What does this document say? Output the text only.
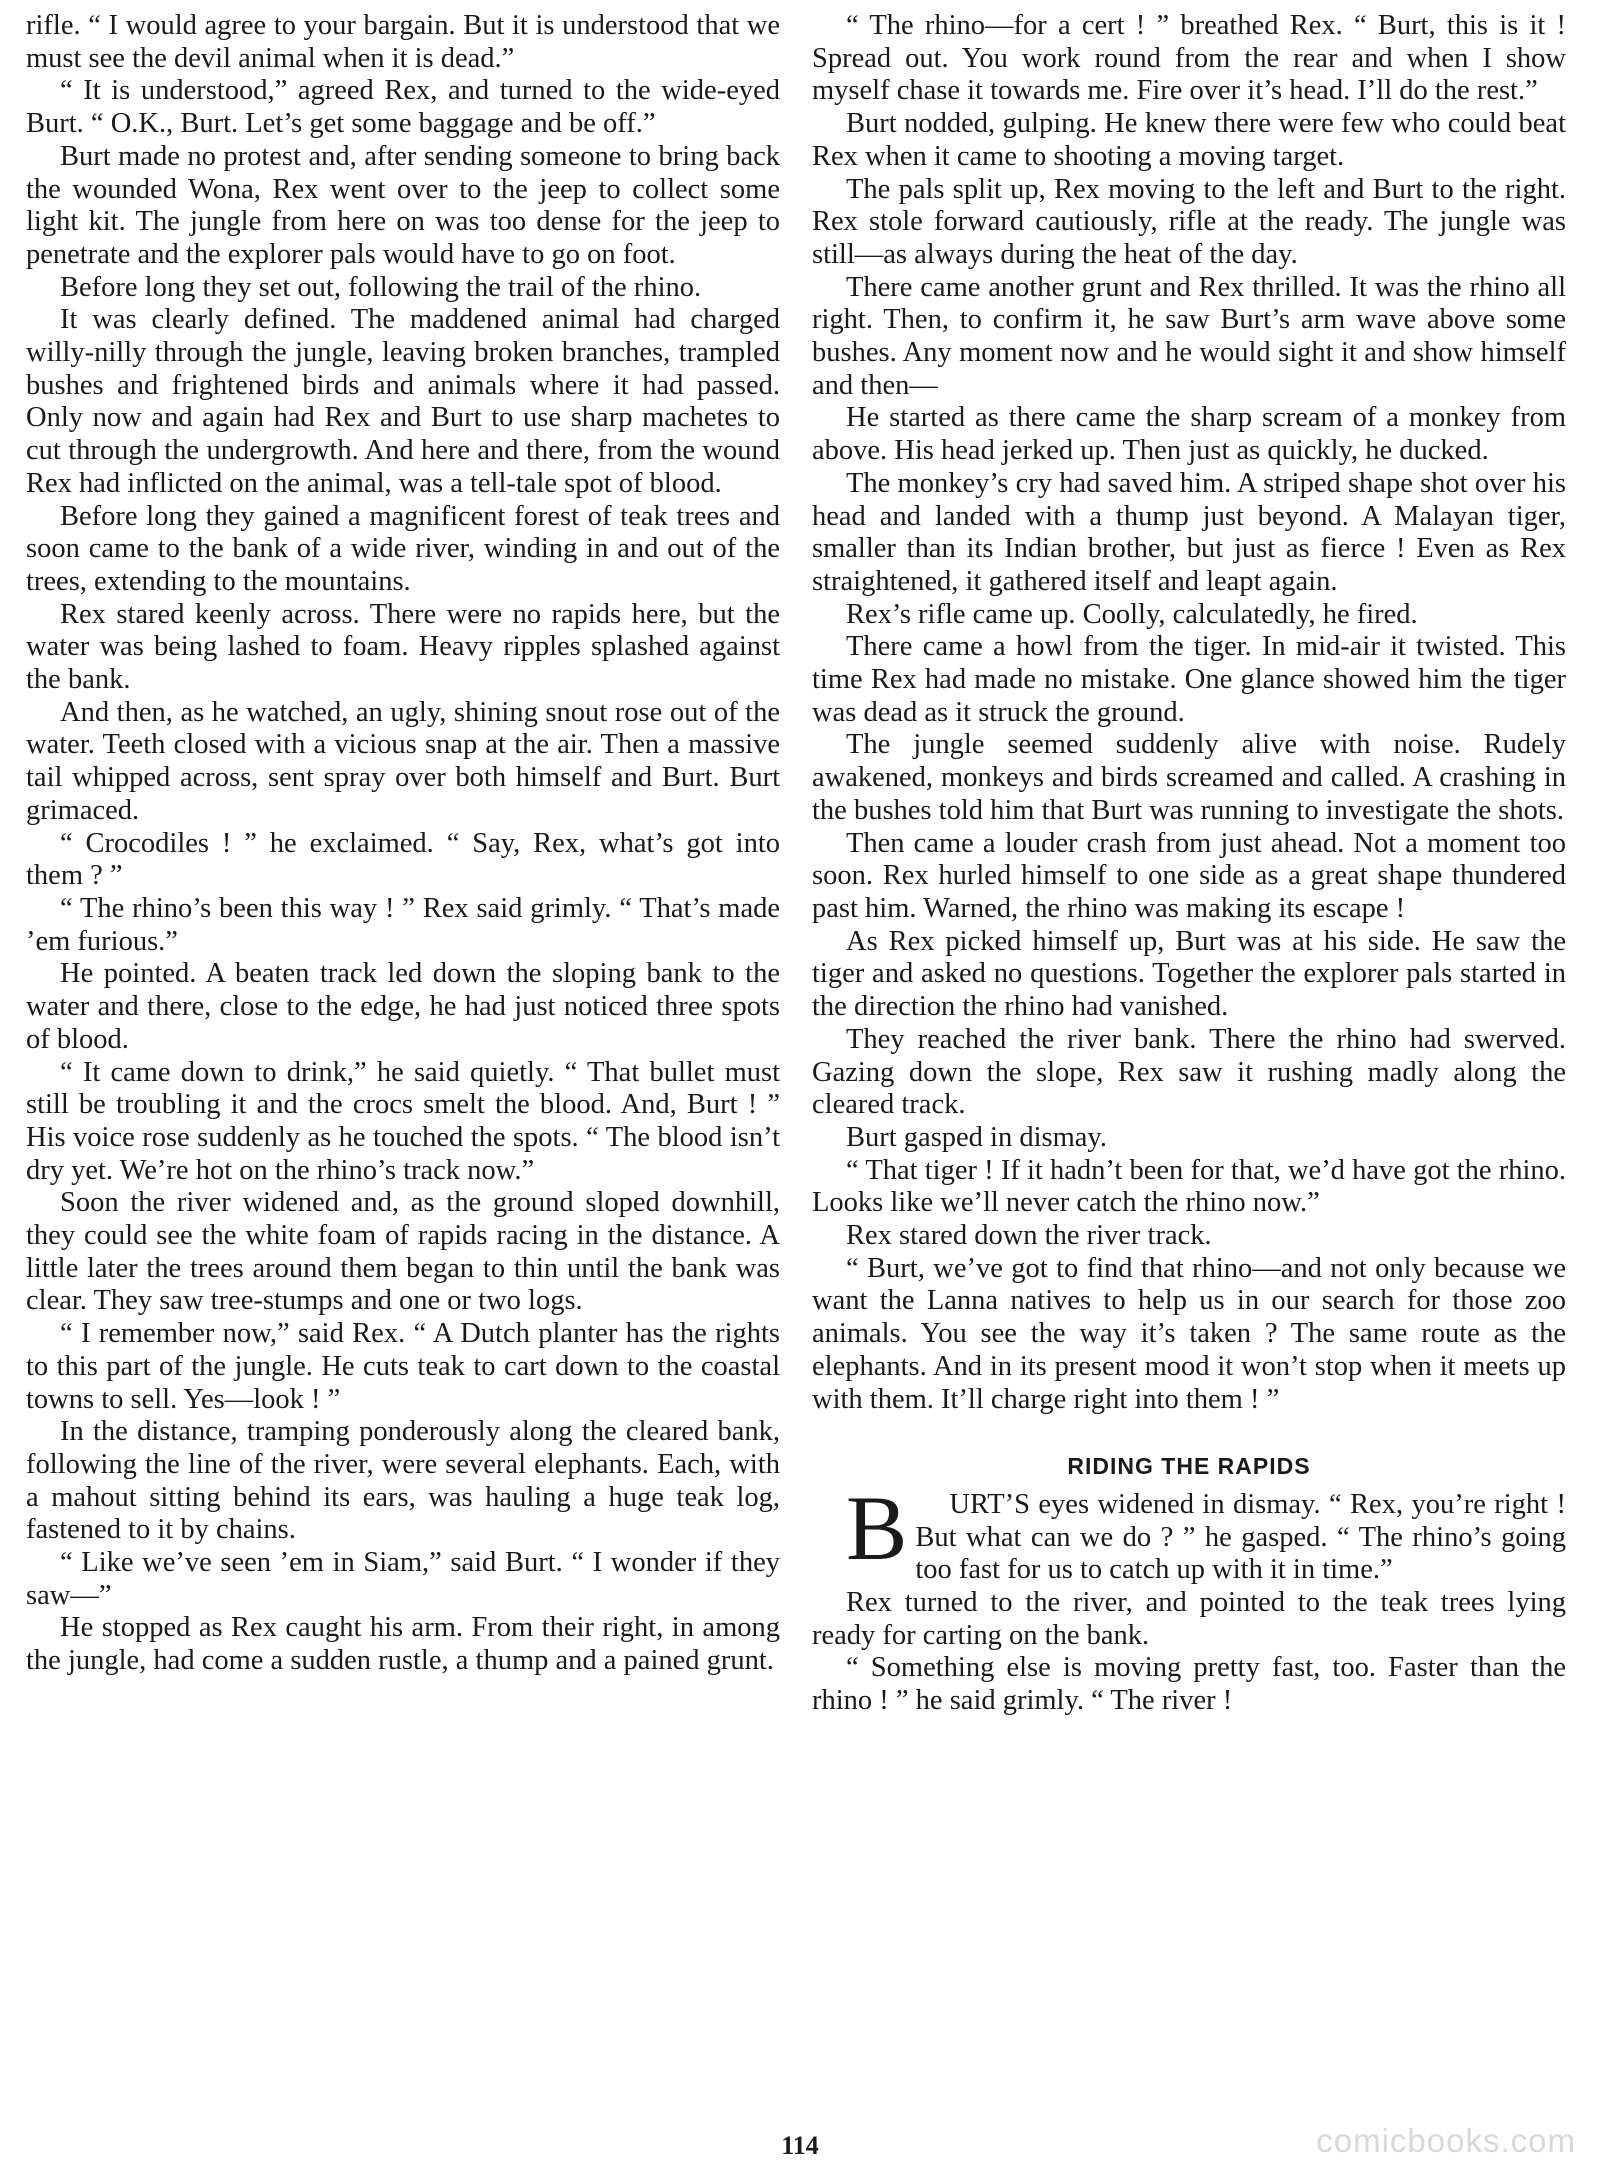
rifle. “ I would agree to your bargain. But it is understood that we must see the devil animal when it is dead.”

“ It is understood,” agreed Rex, and turned to the wide-eyed Burt. “ O.K., Burt. Let’s get some baggage and be off.”

Burt made no protest and, after sending someone to bring back the wounded Wona, Rex went over to the jeep to collect some light kit. The jungle from here on was too dense for the jeep to penetrate and the explorer pals would have to go on foot.

Before long they set out, following the trail of the rhino.

It was clearly defined. The maddened animal had charged willy-nilly through the jungle, leaving broken branches, trampled bushes and frightened birds and animals where it had passed. Only now and again had Rex and Burt to use sharp machetes to cut through the undergrowth. And here and there, from the wound Rex had inflicted on the animal, was a tell-tale spot of blood.

Before long they gained a magnificent forest of teak trees and soon came to the bank of a wide river, winding in and out of the trees, extending to the mountains.

Rex stared keenly across. There were no rapids here, but the water was being lashed to foam. Heavy ripples splashed against the bank.

And then, as he watched, an ugly, shining snout rose out of the water. Teeth closed with a vicious snap at the air. Then a massive tail whipped across, sent spray over both himself and Burt. Burt grimaced.

“ Crocodiles ! ” he exclaimed. “ Say, Rex, what’s got into them ? ”

“ The rhino’s been this way ! ” Rex said grimly. “ That’s made ’em furious.”

He pointed. A beaten track led down the sloping bank to the water and there, close to the edge, he had just noticed three spots of blood.

“ It came down to drink,” he said quietly. “ That bullet must still be troubling it and the crocs smelt the blood. And, Burt ! ” His voice rose suddenly as he touched the spots. “ The blood isn’t dry yet. We’re hot on the rhino’s track now.”

Soon the river widened and, as the ground sloped downhill, they could see the white foam of rapids racing in the distance. A little later the trees around them began to thin until the bank was clear. They saw tree-stumps and one or two logs.

“ I remember now,” said Rex. “ A Dutch planter has the rights to this part of the jungle. He cuts teak to cart down to the coastal towns to sell. Yes—look ! ”

In the distance, tramping ponderously along the cleared bank, following the line of the river, were several elephants. Each, with a mahout sitting behind its ears, was hauling a huge teak log, fastened to it by chains.

“ Like we’ve seen ’em in Siam,” said Burt. “ I wonder if they saw—”

He stopped as Rex caught his arm. From their right, in among the jungle, had come a sudden rustle, a thump and a pained grunt.

“ The rhino—for a cert ! ” breathed Rex. “ Burt, this is it ! Spread out. You work round from the rear and when I show myself chase it towards me. Fire over it’s head. I’ll do the rest.”

Burt nodded, gulping. He knew there were few who could beat Rex when it came to shooting a moving target.

The pals split up, Rex moving to the left and Burt to the right. Rex stole forward cautiously, rifle at the ready. The jungle was still—as always during the heat of the day.

There came another grunt and Rex thrilled. It was the rhino all right. Then, to confirm it, he saw Burt’s arm wave above some bushes. Any moment now and he would sight it and show himself and then—

He started as there came the sharp scream of a monkey from above. His head jerked up. Then just as quickly, he ducked.

The monkey’s cry had saved him. A striped shape shot over his head and landed with a thump just beyond. A Malayan tiger, smaller than its Indian brother, but just as fierce ! Even as Rex straightened, it gathered itself and leapt again.

Rex’s rifle came up. Coolly, calculatedly, he fired.

There came a howl from the tiger. In mid-air it twisted. This time Rex had made no mistake. One glance showed him the tiger was dead as it struck the ground.

The jungle seemed suddenly alive with noise. Rudely awakened, monkeys and birds screamed and called. A crashing in the bushes told him that Burt was running to investigate the shots.

Then came a louder crash from just ahead. Not a moment too soon. Rex hurled himself to one side as a great shape thundered past him. Warned, the rhino was making its escape !

As Rex picked himself up, Burt was at his side. He saw the tiger and asked no questions. Together the explorer pals started in the direction the rhino had vanished.

They reached the river bank. There the rhino had swerved. Gazing down the slope, Rex saw it rushing madly along the cleared track.

Burt gasped in dismay.

“ That tiger ! If it hadn’t been for that, we’d have got the rhino. Looks like we’ll never catch the rhino now.”

Rex stared down the river track.

“ Burt, we’ve got to find that rhino—and not only because we want the Lanna natives to help us in our search for those zoo animals. You see the way it’s taken ? The same route as the elephants. And in its present mood it won’t stop when it meets up with them. It’ll charge right into them ! ”

RIDING THE RAPIDS

B URT’S eyes widened in dismay. “ Rex, you’re right ! But what can we do ? ” he gasped. “ The rhino’s going too fast for us to catch up with it in time.”

Rex turned to the river, and pointed to the teak trees lying ready for carting on the bank.

“ Something else is moving pretty fast, too. Faster than the rhino ! ” he said grimly. “ The river !

114	comicbooks.com
